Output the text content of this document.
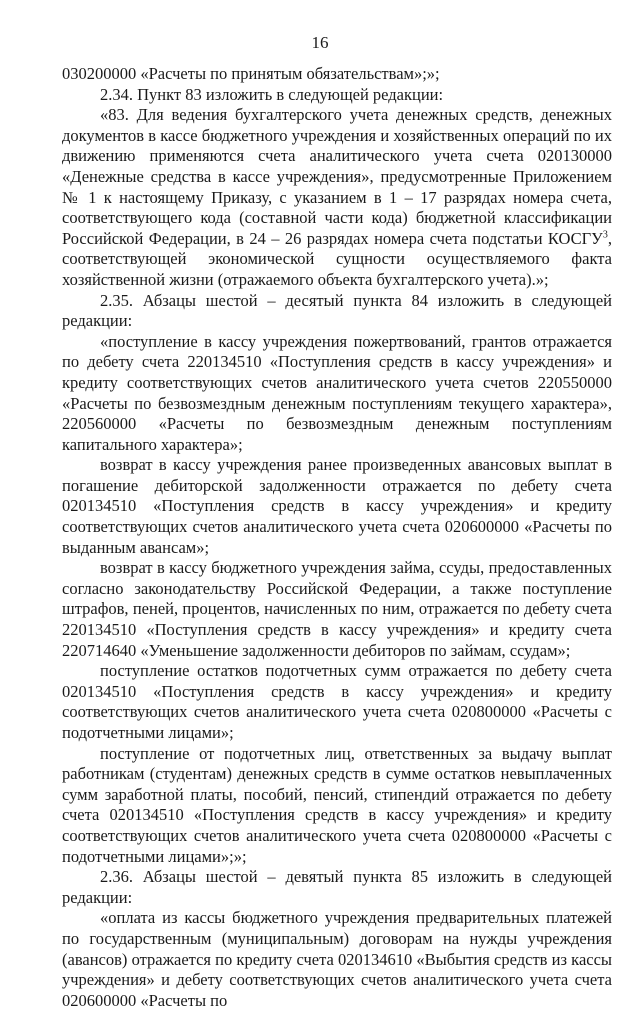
16

030200000 «Расчеты по принятым обязательствам»;»;

2.34. Пункт 83 изложить в следующей редакции:

«83. Для ведения бухгалтерского учета денежных средств, денежных документов в кассе бюджетного учреждения и хозяйственных операций по их движению применяются счета аналитического учета счета 020130000 «Денежные средства в кассе учреждения», предусмотренные Приложением № 1 к настоящему Приказу, с указанием в 1 – 17 разрядах номера счета, соответствующего кода (составной части кода) бюджетной классификации Российской Федерации, в 24 – 26 разрядах номера счета подстатьи КОСГУ$^3$, соответствующей экономической сущности осуществляемого факта хозяйственной жизни (отражаемого объекта бухгалтерского учета).»;

2.35. Абзацы шестой – десятый пункта 84 изложить в следующей редакции:

«поступление в кассу учреждения пожертвований, грантов отражается по дебету счета 220134510 «Поступления средств в кассу учреждения» и кредиту соответствующих счетов аналитического учета счетов 220550000 «Расчеты по безвозмездным денежным поступлениям текущего характера», 220560000 «Расчеты по безвозмездным денежным поступлениям капитального характера»;

возврат в кассу учреждения ранее произведенных авансовых выплат в погашение дебиторской задолженности отражается по дебету счета 020134510 «Поступления средств в кассу учреждения» и кредиту соответствующих счетов аналитического учета счета 020600000 «Расчеты по выданным авансам»;

возврат в кассу бюджетного учреждения займа, ссуды, предоставленных согласно законодательству Российской Федерации, а также поступление штрафов, пеней, процентов, начисленных по ним, отражается по дебету счета 220134510 «Поступления средств в кассу учреждения» и кредиту счета 220714640 «Уменьшение задолженности дебиторов по займам, ссудам»;

поступление остатков подотчетных сумм отражается по дебету счета 020134510 «Поступления средств в кассу учреждения» и кредиту соответствующих счетов аналитического учета счета 020800000 «Расчеты с подотчетными лицами»;

поступление от подотчетных лиц, ответственных за выдачу выплат работникам (студентам) денежных средств в сумме остатков невыплаченных сумм заработной платы, пособий, пенсий, стипендий отражается по дебету счета 020134510 «Поступления средств в кассу учреждения» и кредиту соответствующих счетов аналитического учета счета 020800000 «Расчеты с подотчетными лицами»;»;

2.36. Абзацы шестой – девятый пункта 85 изложить в следующей редакции:

«оплата из кассы бюджетного учреждения предварительных платежей по государственным (муниципальным) договорам на нужды учреждения (авансов) отражается по кредиту счета 020134610 «Выбытия средств из кассы учреждения» и дебету соответствующих счетов аналитического учета счета 020600000 «Расчеты по
